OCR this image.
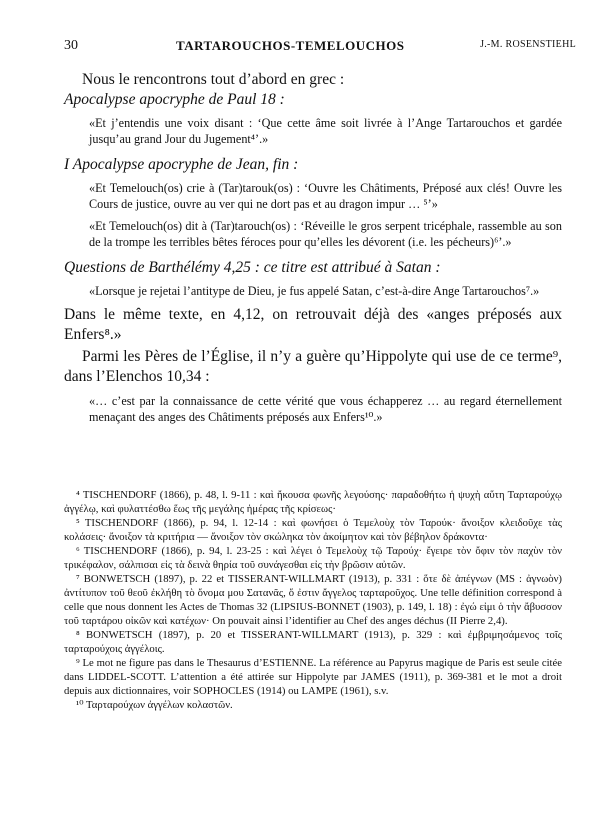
30	TARTAROUCHOS-TEMELOUCHOS	J.-M. ROSENSTIEHL

Nous le rencontrons tout d’abord en grec :

Apocalypse apocryphe de Paul 18 :

«Et j’entendis une voix disant : ‘Que cette âme soit livrée à l’Ange Tartarouchos et gardée jusqu’au grand Jour du Jugement⁴’.»

I Apocalypse apocryphe de Jean, fin :

«Et Temelouch(os) crie à (Tar)tarouk(os) : ‘Ouvre les Châtiments, Préposé aux clés! Ouvre les Cours de justice, ouvre au ver qui ne dort pas et au dragon impur … ⁵’»

«Et Temelouch(os) dit à (Tar)tarouch(os) : ‘Réveille le gros serpent tricéphale, rassemble au son de la trompe les terribles bêtes féroces pour qu’elles les dévorent (i.e. les pécheurs)⁶’.»

Questions de Barthélémy 4,25 : ce titre est attribué à Satan :

«Lorsque je rejetai l’antitype de Dieu, je fus appelé Satan, c’est-à-dire Ange Tartarouchos⁷.»

Dans le même texte, en 4,12, on retrouvait déjà des «anges préposés aux Enfers⁸.»

Parmi les Pères de l’Église, il n’y a guère qu’Hippolyte qui use de ce terme⁹, dans l’Elenchos 10,34 :

«… c’est par la connaissance de cette vérité que vous échapperez … au regard éternellement menaçant des anges des Châtiments préposés aux Enfers¹⁰.»

⁴ TISCHENDORF (1866), p. 48, l. 9-11 : καὶ ἤκουσα φωνῆς λεγούσης· παραδοθήτω ἡ ψυχὴ αὕτη Ταρταρούχῳ ἀγγέλῳ, καὶ φυλαττέσθω ἕως τῆς μεγάλης ἡμέρας τῆς κρίσεως·

⁵ TISCHENDORF (1866), p. 94, l. 12-14 : καὶ φωνήσει ὁ Τεμελοὺχ τὸν Ταρούκ· ἄνοιξον κλειδοῦχε τὰς κολάσεις· ἄνοιξον τὰ κριτήρια — ἄνοιξον τὸν σκώληκα τὸν ἀκοίμητον καὶ τὸν βέβηλον δράκοντα·

⁶ TISCHENDORF (1866), p. 94, l. 23-25 : καὶ λέγει ὁ Τεμελοὺχ τῷ Ταρούχ· ἔγειρε τὸν ὄφιν τὸν παχὺν τὸν τρικέφαλον, σάλπισαι εἰς τὰ δεινὰ θηρία τοῦ συνάγεσθαι εἰς τὴν βρῶσιν αὐτῶν.

⁷ BONWETSCH (1897), p. 22 et TISSERANT-WILLMART (1913), p. 331 : ὅτε δὲ ἀπέγνων (MS : ἀγνωὸν) ἀντίτυπον τοῦ θεοῦ ἐκλήθη τὸ ὄνομα μου Σατανᾶς, ὅ ἐστιν ἄγγελος ταρταροῦχος. Une telle définition correspond à celle que nous donnent les Actes de Thomas 32 (LIPSIUS-BONNET (1903), p. 149, l. 18) : ἐγώ εἰμι ὁ τὴν ἄβυσσον τοῦ ταρτάρου οἰκῶν καὶ κατέχων· On pouvait ainsi l’identifier au Chef des anges déchus (II Pierre 2,4).

⁸ BONWETSCH (1897), p. 20 et TISSERANT-WILLMART (1913), p. 329 : καὶ ἐμβριμησάμενος τοῖς ταρταρούχοις ἀγγέλοις.

⁹ Le mot ne figure pas dans le Thesaurus d’ESTIENNE. La référence au Papyrus magique de Paris est seule citée dans LIDDEL-SCOTT. L’attention a été attirée sur Hippolyte par JAMES (1911), p. 369-381 et le mot a droit depuis aux dictionnaires, voir SOPHOCLES (1914) ou LAMPE (1961), s.v.

¹⁰ Ταρταρούχων ἀγγέλων κολαστῶν.
